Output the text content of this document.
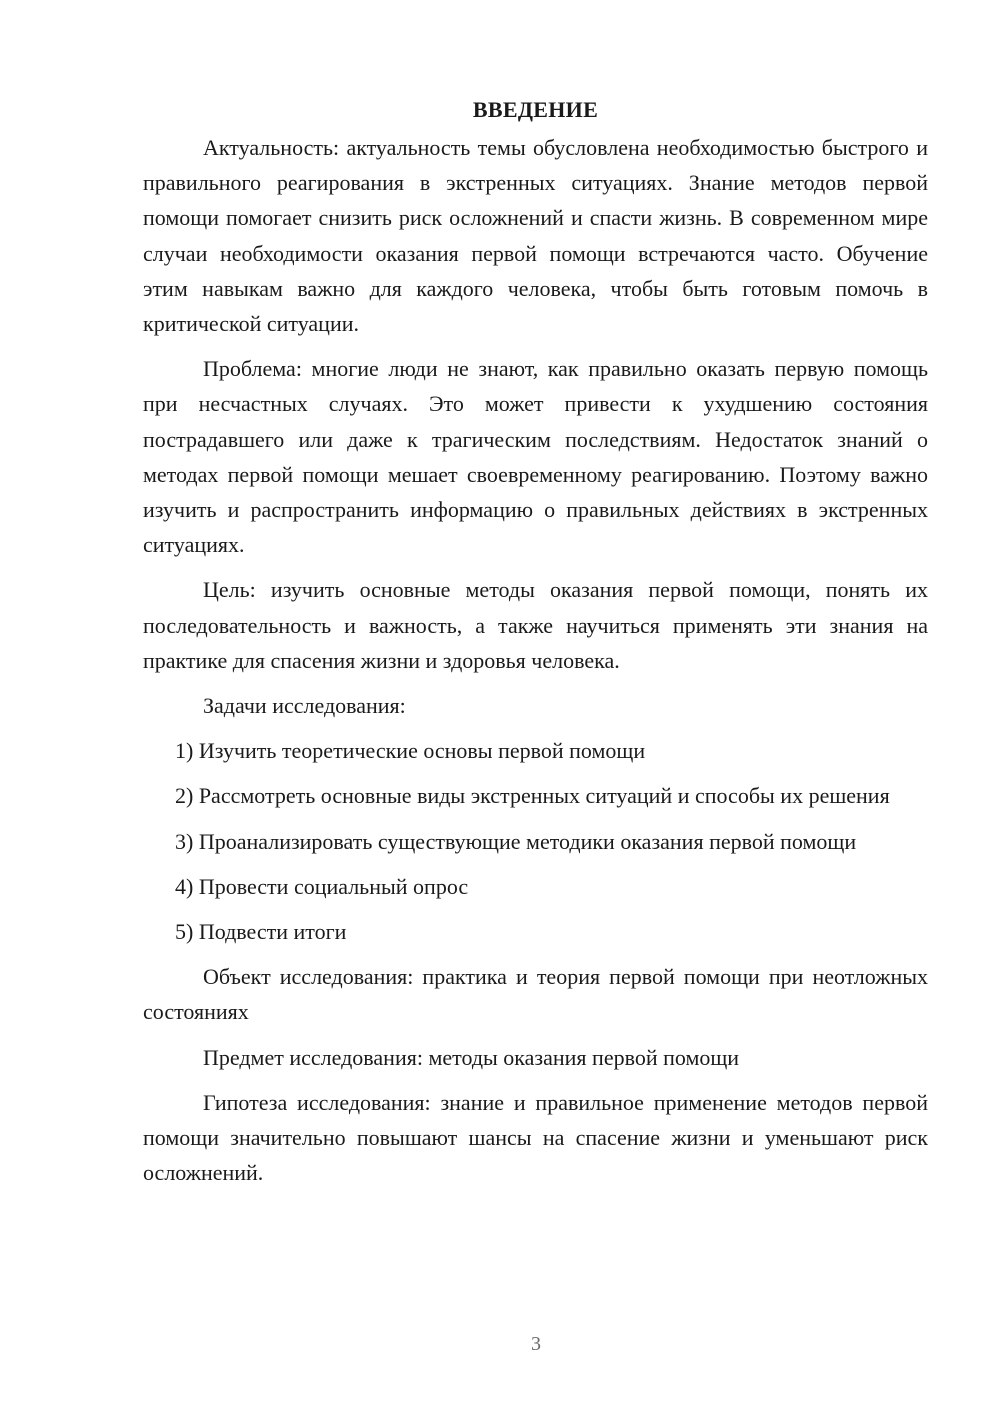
ВВЕДЕНИЕ

Актуальность: актуальность темы обусловлена необходимостью быстрого и правильного реагирования в экстренных ситуациях. Знание методов первой помощи помогает снизить риск осложнений и спасти жизнь. В современном мире случаи необходимости оказания первой помощи встречаются часто. Обучение этим навыкам важно для каждого человека, чтобы быть готовым помочь в критической ситуации.

Проблема: многие люди не знают, как правильно оказать первую помощь при несчастных случаях. Это может привести к ухудшению состояния пострадавшего или даже к трагическим последствиям. Недостаток знаний о методах первой помощи мешает своевременному реагированию. Поэтому важно изучить и распространить информацию о правильных действиях в экстренных ситуациях.

Цель: изучить основные методы оказания первой помощи, понять их последовательность и важность, а также научиться применять эти знания на практике для спасения жизни и здоровья человека.

Задачи исследования:

1) Изучить теоретические основы первой помощи

2) Рассмотреть основные виды экстренных ситуаций и способы их решения

3) Проанализировать существующие методики оказания первой помощи

4) Провести социальный опрос

5) Подвести итоги

Объект исследования: практика и теория первой помощи при неотложных состояниях

Предмет исследования: методы оказания первой помощи

Гипотеза исследования: знание и правильное применение методов первой помощи значительно повышают шансы на спасение жизни и уменьшают риск осложнений.

3
